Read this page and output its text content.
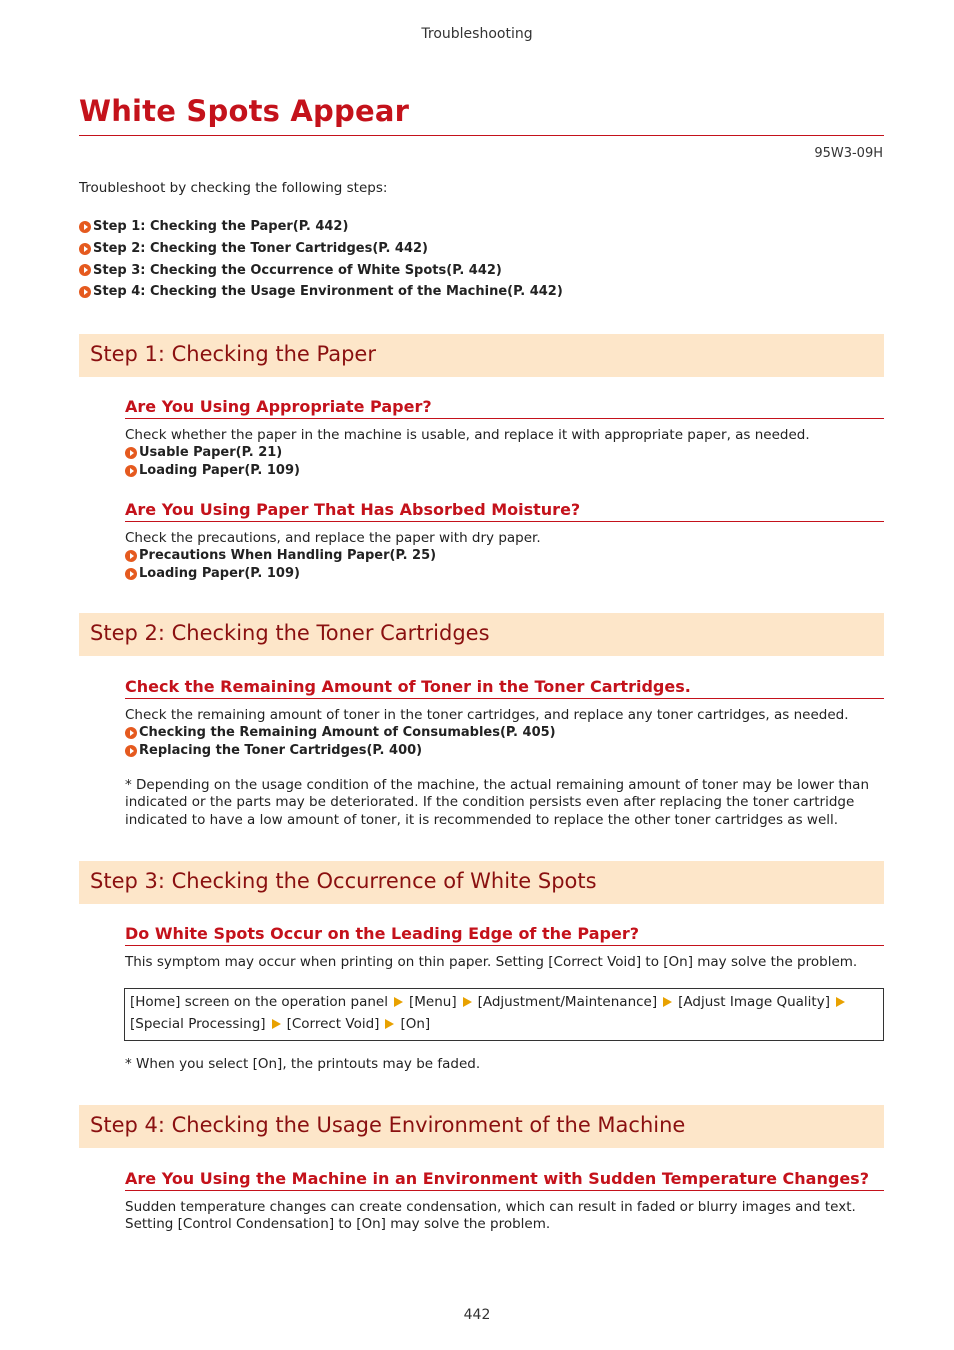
Troubleshooting
White Spots Appear
95W3-09H
Troubleshoot by checking the following steps:
Step 1: Checking the Paper(P. 442)
Step 2: Checking the Toner Cartridges(P. 442)
Step 3: Checking the Occurrence of White Spots(P. 442)
Step 4: Checking the Usage Environment of the Machine(P. 442)
Step 1: Checking the Paper
Are You Using Appropriate Paper?
Check whether the paper in the machine is usable, and replace it with appropriate paper, as needed.
Usable Paper(P. 21)
Loading Paper(P. 109)
Are You Using Paper That Has Absorbed Moisture?
Check the precautions, and replace the paper with dry paper.
Precautions When Handling Paper(P. 25)
Loading Paper(P. 109)
Step 2: Checking the Toner Cartridges
Check the Remaining Amount of Toner in the Toner Cartridges.
Check the remaining amount of toner in the toner cartridges, and replace any toner cartridges, as needed.
Checking the Remaining Amount of Consumables(P. 405)
Replacing the Toner Cartridges(P. 400)
* Depending on the usage condition of the machine, the actual remaining amount of toner may be lower than indicated or the parts may be deteriorated. If the condition persists even after replacing the toner cartridge indicated to have a low amount of toner, it is recommended to replace the other toner cartridges as well.
Step 3: Checking the Occurrence of White Spots
Do White Spots Occur on the Leading Edge of the Paper?
This symptom may occur when printing on thin paper. Setting [Correct Void] to [On] may solve the problem.
[Home] screen on the operation panel [Menu] [Adjustment/Maintenance] [Adjust Image Quality]
[Special Processing] [Correct Void] [On]
* When you select [On], the printouts may be faded.
Step 4: Checking the Usage Environment of the Machine
Are You Using the Machine in an Environment with Sudden Temperature Changes?
Sudden temperature changes can create condensation, which can result in faded or blurry images and text. Setting [Control Condensation] to [On] may solve the problem.
442
